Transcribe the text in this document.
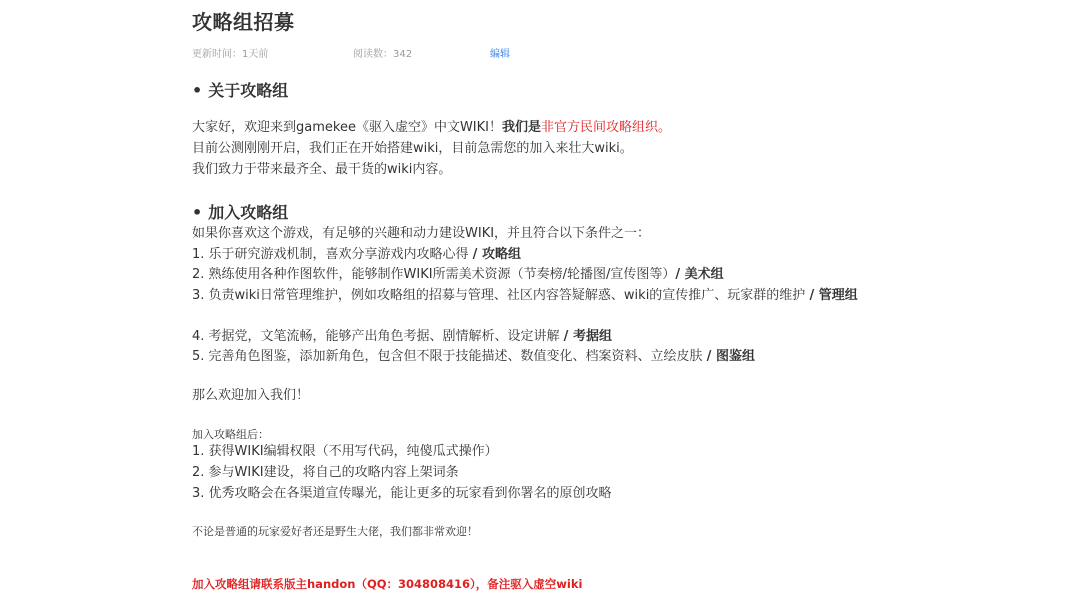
攻略组招募
更新时间：1天前	阅读数：342	编辑
• 关于攻略组
大家好，欢迎来到gamekee《驱入虚空》中文WIKI！我们是非官方民间攻略组织。
目前公测刚刚开启，我们正在开始搭建wiki，目前急需您的加入来壮大wiki。
我们致力于带来最齐全、最干货的wiki内容。
• 加入攻略组
如果你喜欢这个游戏，有足够的兴趣和动力建设WIKI，并且符合以下条件之一：
1. 乐于研究游戏机制，喜欢分享游戏内攻略心得 / 攻略组
2. 熟练使用各种作图软件，能够制作WIKI所需美术资源（节奏榜/轮播图/宣传图等）/ 美术组
3. 负责wiki日常管理维护，例如攻略组的招募与管理、社区内容答疑解惑、wiki的宣传推广、玩家群的维护 / 管理组
4. 考据党，文笔流畅，能够产出角色考据、剧情解析、设定讲解 / 考据组
5. 完善角色图鉴，添加新角色，包含但不限于技能描述、数值变化、档案资料、立绘皮肤 / 图鉴组
那么欢迎加入我们！
加入攻略组后：
1. 获得WIKI编辑权限（不用写代码，纯傻瓜式操作）
2. 参与WIKI建设，将自己的攻略内容上架词条
3. 优秀攻略会在各渠道宣传曝光，能让更多的玩家看到你署名的原创攻略
不论是普通的玩家爱好者还是野生大佬，我们都非常欢迎！
加入攻略组请联系版主handon（QQ：304808416），备注驱入虚空wiki
